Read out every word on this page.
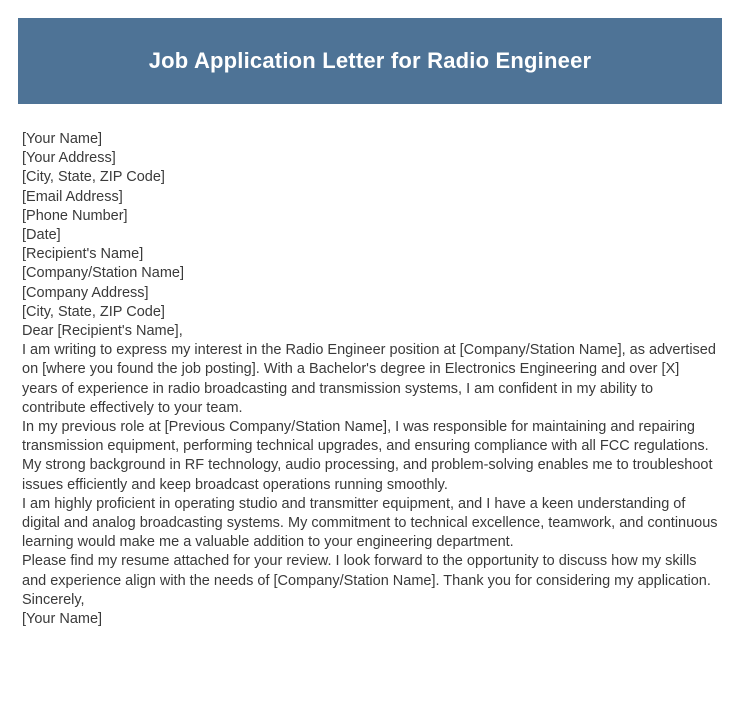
Job Application Letter for Radio Engineer
[Your Name]
[Your Address]
[City, State, ZIP Code]
[Email Address]
[Phone Number]
[Date]
[Recipient's Name]
[Company/Station Name]
[Company Address]
[City, State, ZIP Code]
Dear [Recipient's Name],

I am writing to express my interest in the Radio Engineer position at [Company/Station Name], as advertised on [where you found the job posting]. With a Bachelor's degree in Electronics Engineering and over [X] years of experience in radio broadcasting and transmission systems, I am confident in my ability to contribute effectively to your team.

In my previous role at [Previous Company/Station Name], I was responsible for maintaining and repairing transmission equipment, performing technical upgrades, and ensuring compliance with all FCC regulations. My strong background in RF technology, audio processing, and problem-solving enables me to troubleshoot issues efficiently and keep broadcast operations running smoothly.

I am highly proficient in operating studio and transmitter equipment, and I have a keen understanding of digital and analog broadcasting systems. My commitment to technical excellence, teamwork, and continuous learning would make me a valuable addition to your engineering department.

Please find my resume attached for your review. I look forward to the opportunity to discuss how my skills and experience align with the needs of [Company/Station Name]. Thank you for considering my application.

Sincerely,
[Your Name]
